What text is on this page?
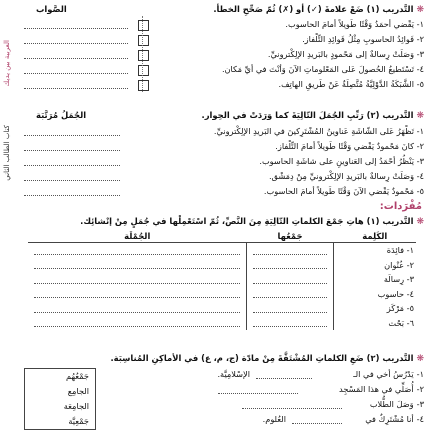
العربية بين يديك
كتاب الطالب الثاني
❋التَّدريب (١) ضَعْ علامةَ (✓) أو (✗) ثُمّ صَحِّحِ الخطأ.
الصَّواب
١- يَقْضي أحمَدُ وَقْتًا طَويلاً أمامَ الحاسوب.
٢- فَوائِدُ الحاسوبِ مِثْلُ فَوائِدِ التِّلْفاز.
٣- وَصَلَتْ رِسالةٌ إلى مَحْمودٍ بالبَريدِ الإلِكْترونيِّ.
٤- تَسْتَطيعُ الحُصولَ عَلى المَعْلوماتِ الآنَ وَأنْتَ في أيِّ مَكان.
٥- الشَّبَكَةُ الدَّوْلِيَّةُ مُتَّصِلَةٌ عَنْ طَريقِ الهاتِف.
❋التَّدريب (٢) رَتِّبِ الجُمَلَ التّالِيَةَ كما وَرَدَتْ في الحِوار.
الجُمَلُ مُرَتَّبَة
١- تَظْهَرُ عَلى الشّاشَةِ عَناوينُ المُشْتَرِكينَ في البَريدِ الإلِكْترونيِّ.
٢- كانَ مَحْمودٌ يَقْضي وَقْتًا طَويلاً أمامَ التِّلْفاز.
٣- يَنْظُرُ أحْمَدُ إلى العَناوينِ على شاشَةِ الحاسوب.
٤- وَصَلَتْ رِسالةٌ بالبَريدِ الإلِكْترونيِّ مِنْ دِمَشْق.
٥- مَحْمودٌ يَقْضي الآنَ وَقْتًا طَويلاً أمامَ الحاسوب.
مُفْرَدات:
❋التَّدريب (١) هاتِ جَمْعَ الكلماتِ التّالِيَةِ مِنَ النَّصِّ، ثُمّ اسْتَعْمِلْها في جُمَلٍ مِنْ إنْشائِك.
الكَلِمة	جَمْعُها	الجُمْلَة
١- فائِدَة	

٢- عُنْوان	

٣- رِسالَة	

٤- حاسوب	

٥- مَرْكَز	

٦- بَحْث	

❋التَّدريب (٢) ضَعِ الكلماتِ المُشْتَقَّةَ مِنْ مادّة (ج، م، ع) في الأماكِنِ المُناسِبَة.
١-يَدْرُسُ أخي في الـ
الإسْلامِيَّة.
٢-أُصَلِّي في هذا المَسْجِد
٣-وَصَلَ الطُّلاب
٤-أنا مُشْتَرِكٌ في
العُلوم.
جَمْعُهُم
الجامِع
الجامِعَة
جَمْعِيَّة
